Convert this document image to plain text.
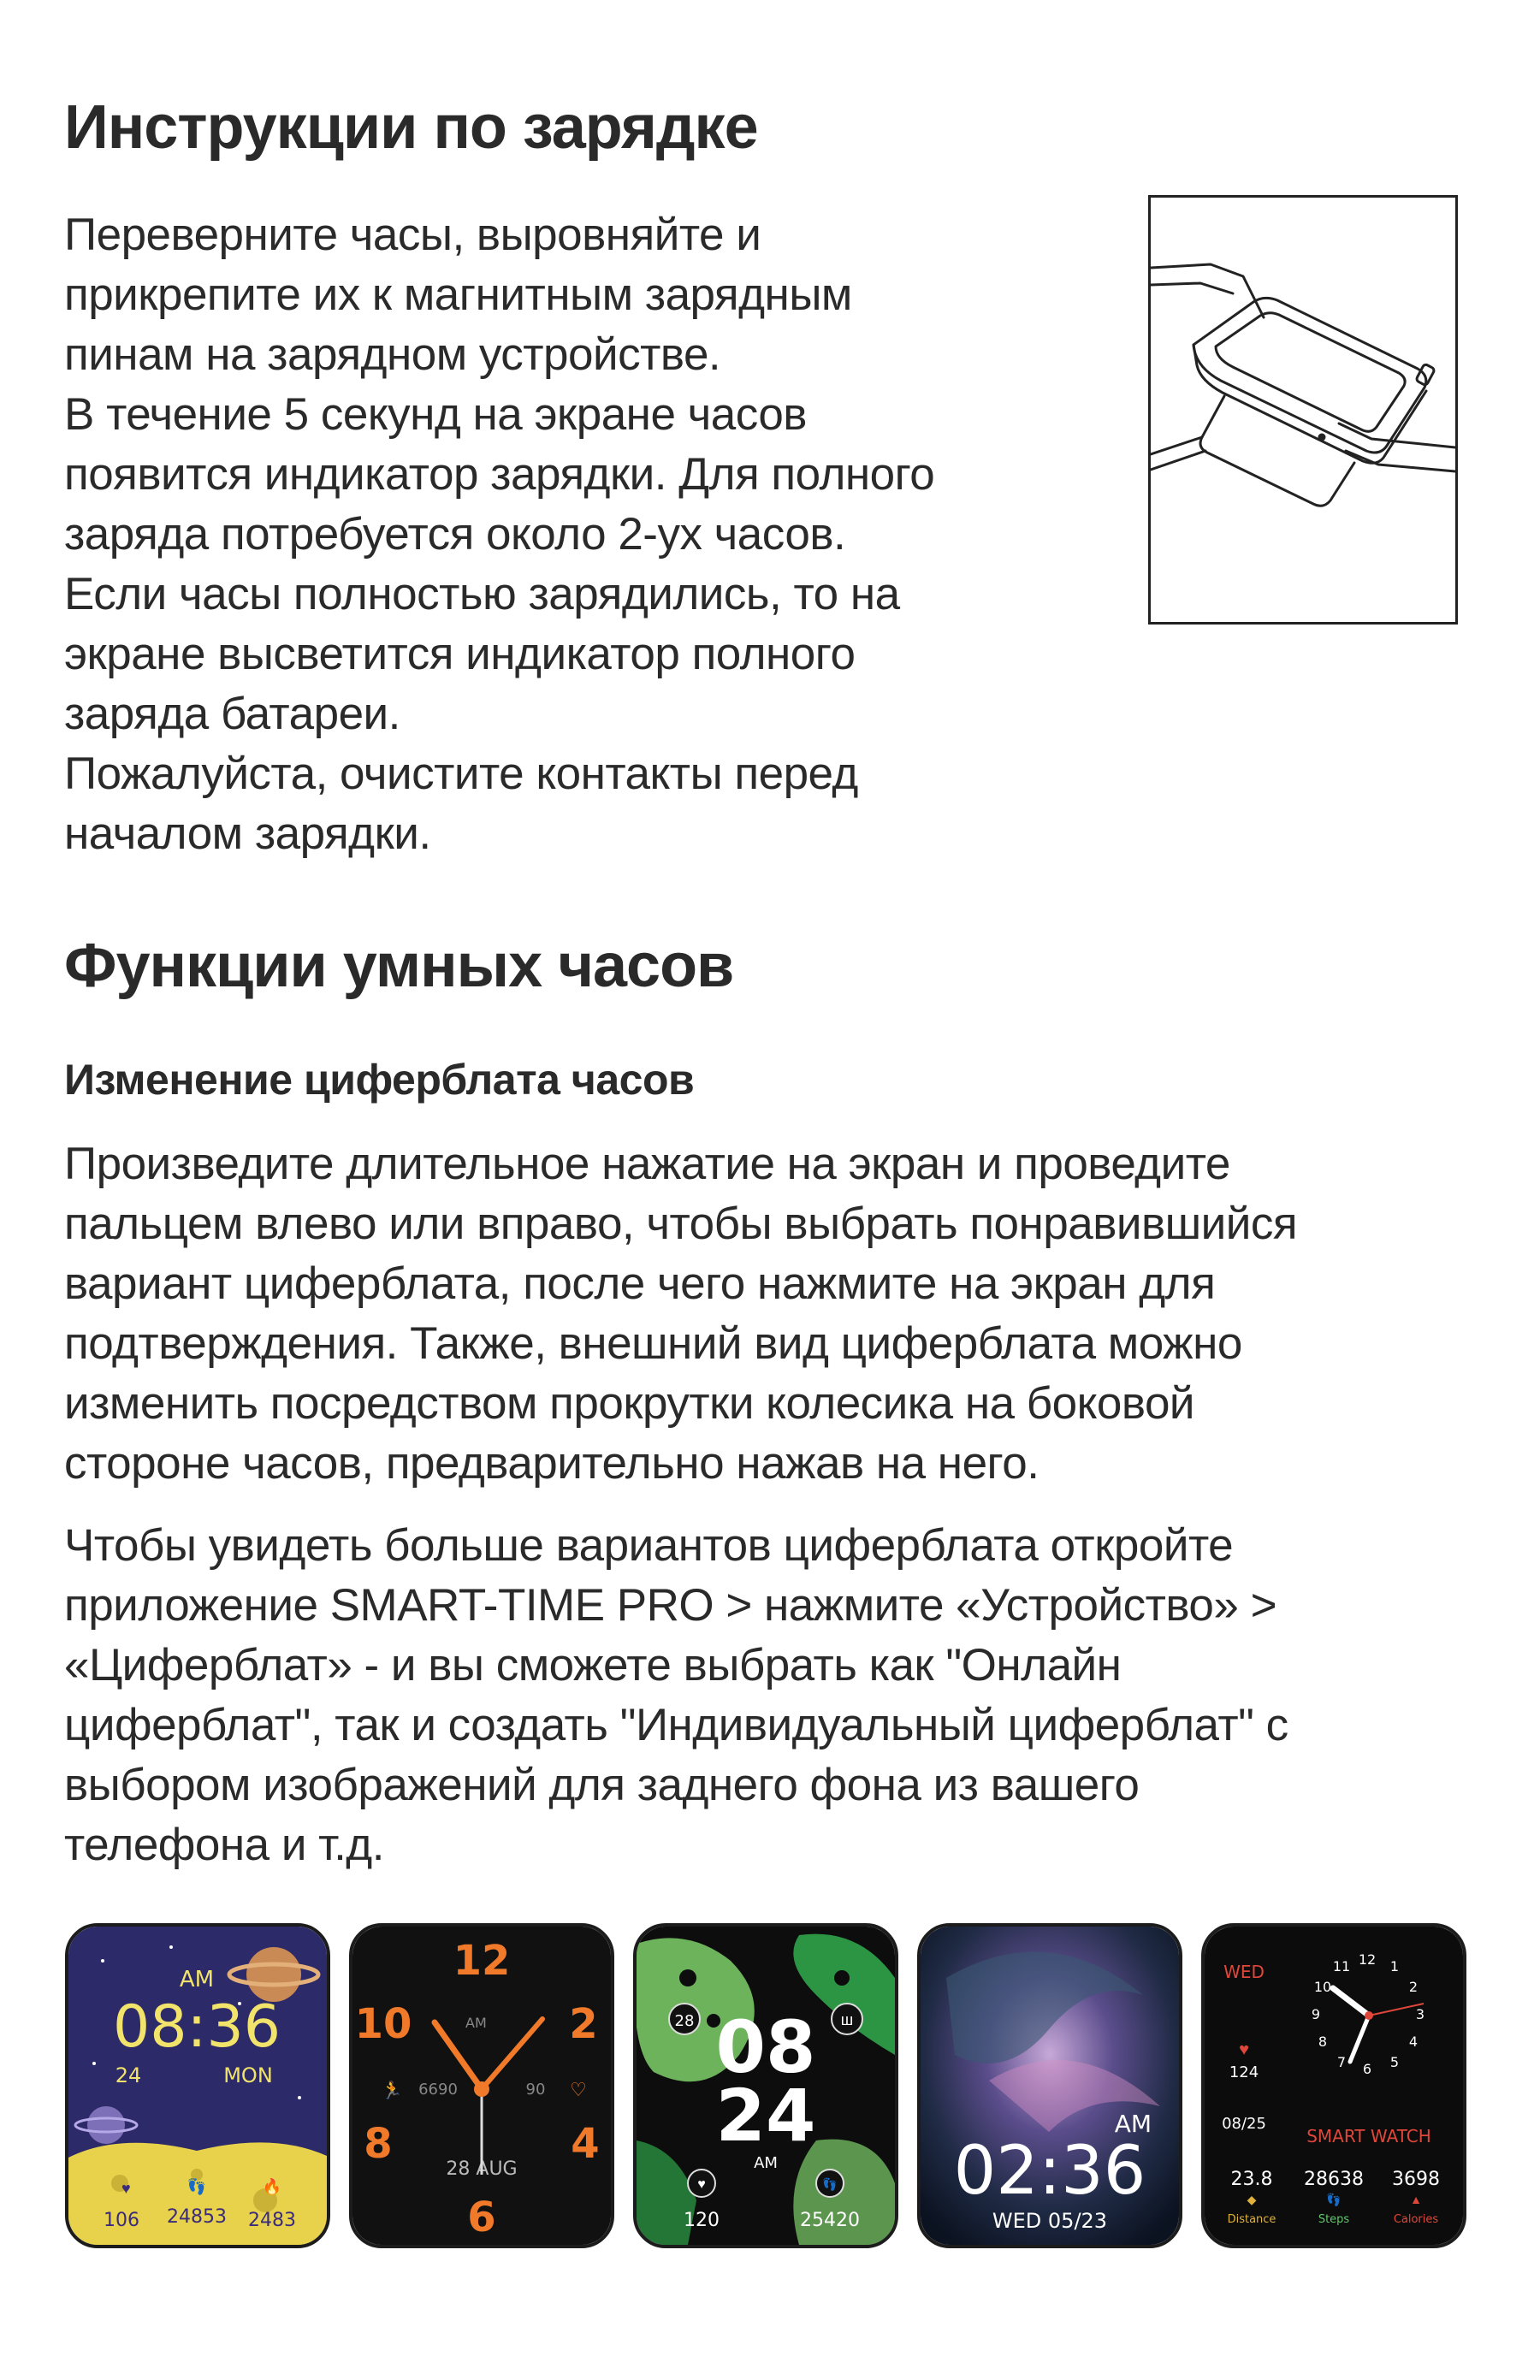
Инструкции по зарядке
Переверните часы, выровняйте и
прикрепите их к магнитным зарядным
пинам на зарядном устройстве.
В течение 5 секунд на экране часов
появится индикатор зарядки. Для полного
заряда потребуется около 2-ух часов.
Если часы полностью зарядились, то на
экране высветится индикатор полного
заряда батареи.
Пожалуйста, очистите контакты перед
началом зарядки.
Функции умных часов
Изменение циферблата часов
Произведите длительное нажатие на экран и проведите
пальцем влево или вправо, чтобы выбрать понравившийся
вариант циферблата, после чего нажмите на экран для
подтверждения. Также, внешний вид циферблата можно
изменить посредством прокрутки колесика на боковой
стороне часов, предварительно нажав на него.
Чтобы увидеть больше вариантов циферблата откройте
приложение SMART-TIME PRO > нажмите «Устройство» >
«Циферблат» - и вы сможете выбрать как "Онлайн
циферблат", так и создать "Индивидуальный циферблат" с
выбором изображений для заднего фона из вашего
телефона и т.д.
AM
08:36
24	MON
♥	👣	🔥
106 24853 2483
12
10	2
8	4
6
AM
6690	90
28 AUG
♡
🏃
28	ш
08
24
AM
♥	👣
120	25420
AM
02:36
WED 05/23
WED
♥
124
08/25
12
11	1
10	2
9	3
8	4
7 6 5
SMART WATCH
23.8 28638 3698
◆	👣	▲
Distance	Steps	Calories
